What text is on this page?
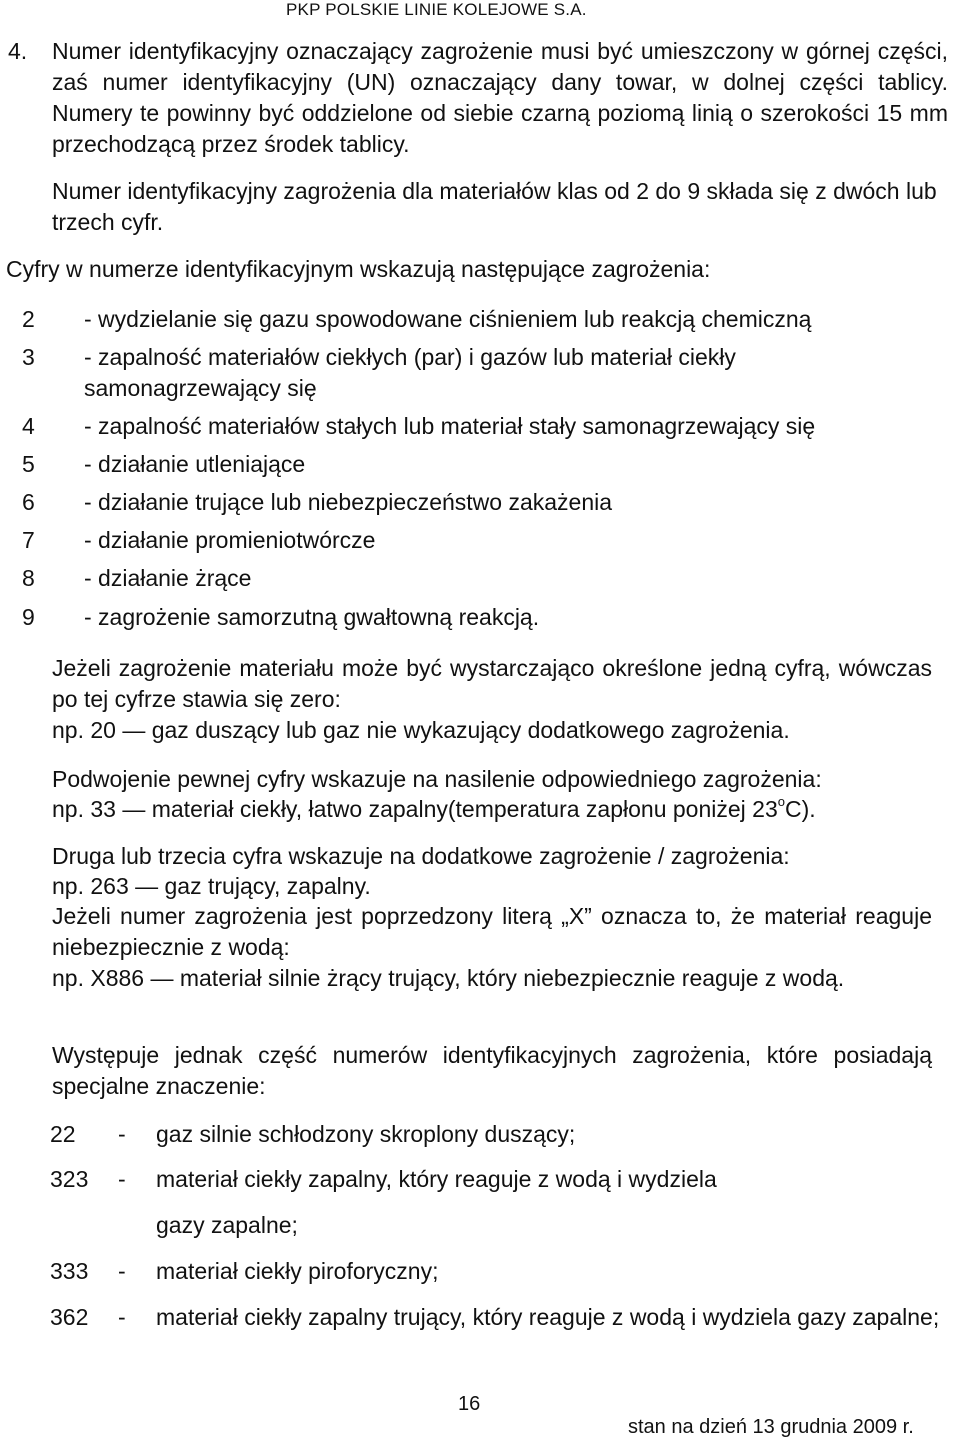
PKP POLSKIE LINIE KOLEJOWE S.A.
4. Numer identyfikacyjny oznaczający zagrożenie musi być umieszczony w górnej części, zaś numer identyfikacyjny (UN) oznaczający dany towar, w dolnej części tablicy. Numery te powinny być oddzielone od siebie czarną poziomą linią o szerokości 15 mm przechodzącą przez środek tablicy.
Numer identyfikacyjny zagrożenia dla materiałów klas od 2 do 9 składa się z dwóch lub trzech cyfr.
Cyfry w numerze identyfikacyjnym wskazują następujące zagrożenia:
2 - wydzielanie się gazu spowodowane ciśnieniem lub reakcją chemiczną
3 - zapalność materiałów ciekłych (par) i gazów lub materiał ciekły samonagrzewający się
4 - zapalność materiałów stałych lub materiał stały samonagrzewający się
5 - działanie utleniające
6 - działanie trujące lub niebezpieczeństwo zakażenia
7 - działanie promieniotwórcze
8 - działanie żrące
9 - zagrożenie samorzutną gwałtowną reakcją.
Jeżeli zagrożenie materiału może być wystarczająco określone jedną cyfrą, wówczas po tej cyfrze stawia się zero:
np. 20 — gaz duszący lub gaz nie wykazujący dodatkowego zagrożenia.
Podwojenie pewnej cyfry wskazuje na nasilenie odpowiedniego zagrożenia:
np. 33 — materiał ciekły, łatwo zapalny(temperatura zapłonu poniżej 23$^o$C).
Druga lub trzecia cyfra wskazuje na dodatkowe zagrożenie / zagrożenia:
np. 263 — gaz trujący, zapalny.
Jeżeli numer zagrożenia jest poprzedzony literą „X” oznacza to, że materiał reaguje niebezpiecznie z wodą:
np. X886 — materiał silnie żrący trujący, który niebezpiecznie reaguje z wodą.
Występuje jednak część numerów identyfikacyjnych zagrożenia, które posiadają specjalne znaczenie:
22 - gaz silnie schłodzony skroplony duszący;
323 - materiał ciekły zapalny, który reaguje z wodą i wydziela
gazy zapalne;
333 - materiał ciekły piroforyczny;
362 - materiał ciekły zapalny trujący, który reaguje z wodą i wydziela gazy zapalne;
16
stan na dzień 13 grudnia 2009 r.
